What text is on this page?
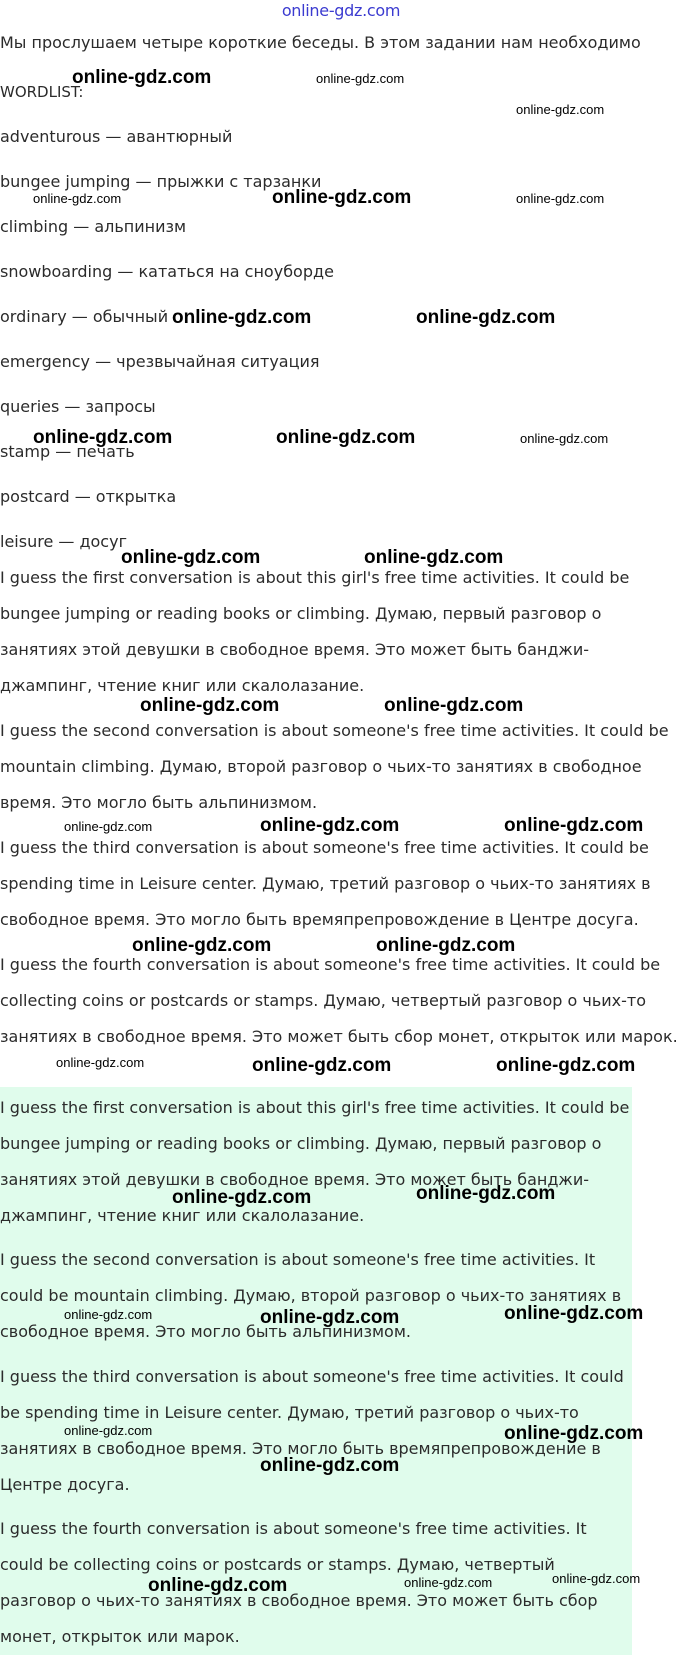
online-gdz.com
Мы прослушаем четыре короткие беседы. В этом задании нам необходимо
WORDLIST:
adventurous — авантюрный
bungee jumping — прыжки с тарзанки
climbing — альпинизм
snowboarding — кататься на сноуборде
ordinary — обычный
emergency — чрезвычайная ситуация
queries — запросы
stamp — печать
postcard — открытка
leisure — досуг
I guess the first conversation is about this girl's free time activities. It could be bungee jumping or reading books or climbing. Думаю, первый разговор о занятиях этой девушки в свободное время. Это может быть банджи-джампинг, чтение книг или скалолазание.
I guess the second conversation is about someone's free time activities. It could be mountain climbing. Думаю, второй разговор о чьих-то занятиях в свободное время. Это могло быть альпинизмом.
I guess the third conversation is about someone's free time activities. It could be spending time in Leisure center. Думаю, третий разговор о чьих-то занятиях в свободное время. Это могло быть времяпрепровождение в Центре досуга.
I guess the fourth conversation is about someone's free time activities. It could be collecting coins or postcards or stamps. Думаю, четвертый разговор о чьих-то занятиях в свободное время. Это может быть сбор монет, открыток или марок.
I guess the first conversation is about this girl's free time activities. It could be bungee jumping or reading books or climbing. Думаю, первый разговор о занятиях этой девушки в свободное время. Это может быть банджи-джампинг, чтение книг или скалолазание.
I guess the second conversation is about someone's free time activities. It could be mountain climbing. Думаю, второй разговор о чьих-то занятиях в свободное время. Это могло быть альпинизмом.
I guess the third conversation is about someone's free time activities. It could be spending time in Leisure center. Думаю, третий разговор о чьих-то занятиях в свободное время. Это могло быть времяпрепровождение в Центре досуга.
I guess the fourth conversation is about someone's free time activities. It could be collecting coins or postcards or stamps. Думаю, четвертый разговор о чьих-то занятиях в свободное время. Это может быть сбор монет, открыток или марок.
online-gdz.com	online-gdz.com
online-gdz.com
online-gdz.com	online-gdz.com	online-gdz.com
online-gdz.com	online-gdz.com
online-gdz.com	online-gdz.com	online-gdz.com
online-gdz.com	online-gdz.com
online-gdz.com	online-gdz.com
online-gdz.com	online-gdz.com	online-gdz.com
online-gdz.com	online-gdz.com
online-gdz.com	online-gdz.com	online-gdz.com
online-gdz.com	online-gdz.com
online-gdz.com	online-gdz.com	online-gdz.com
online-gdz.com	online-gdz.com
online-gdz.com
online-gdz.com	online-gdz.com	online-gdz.com
